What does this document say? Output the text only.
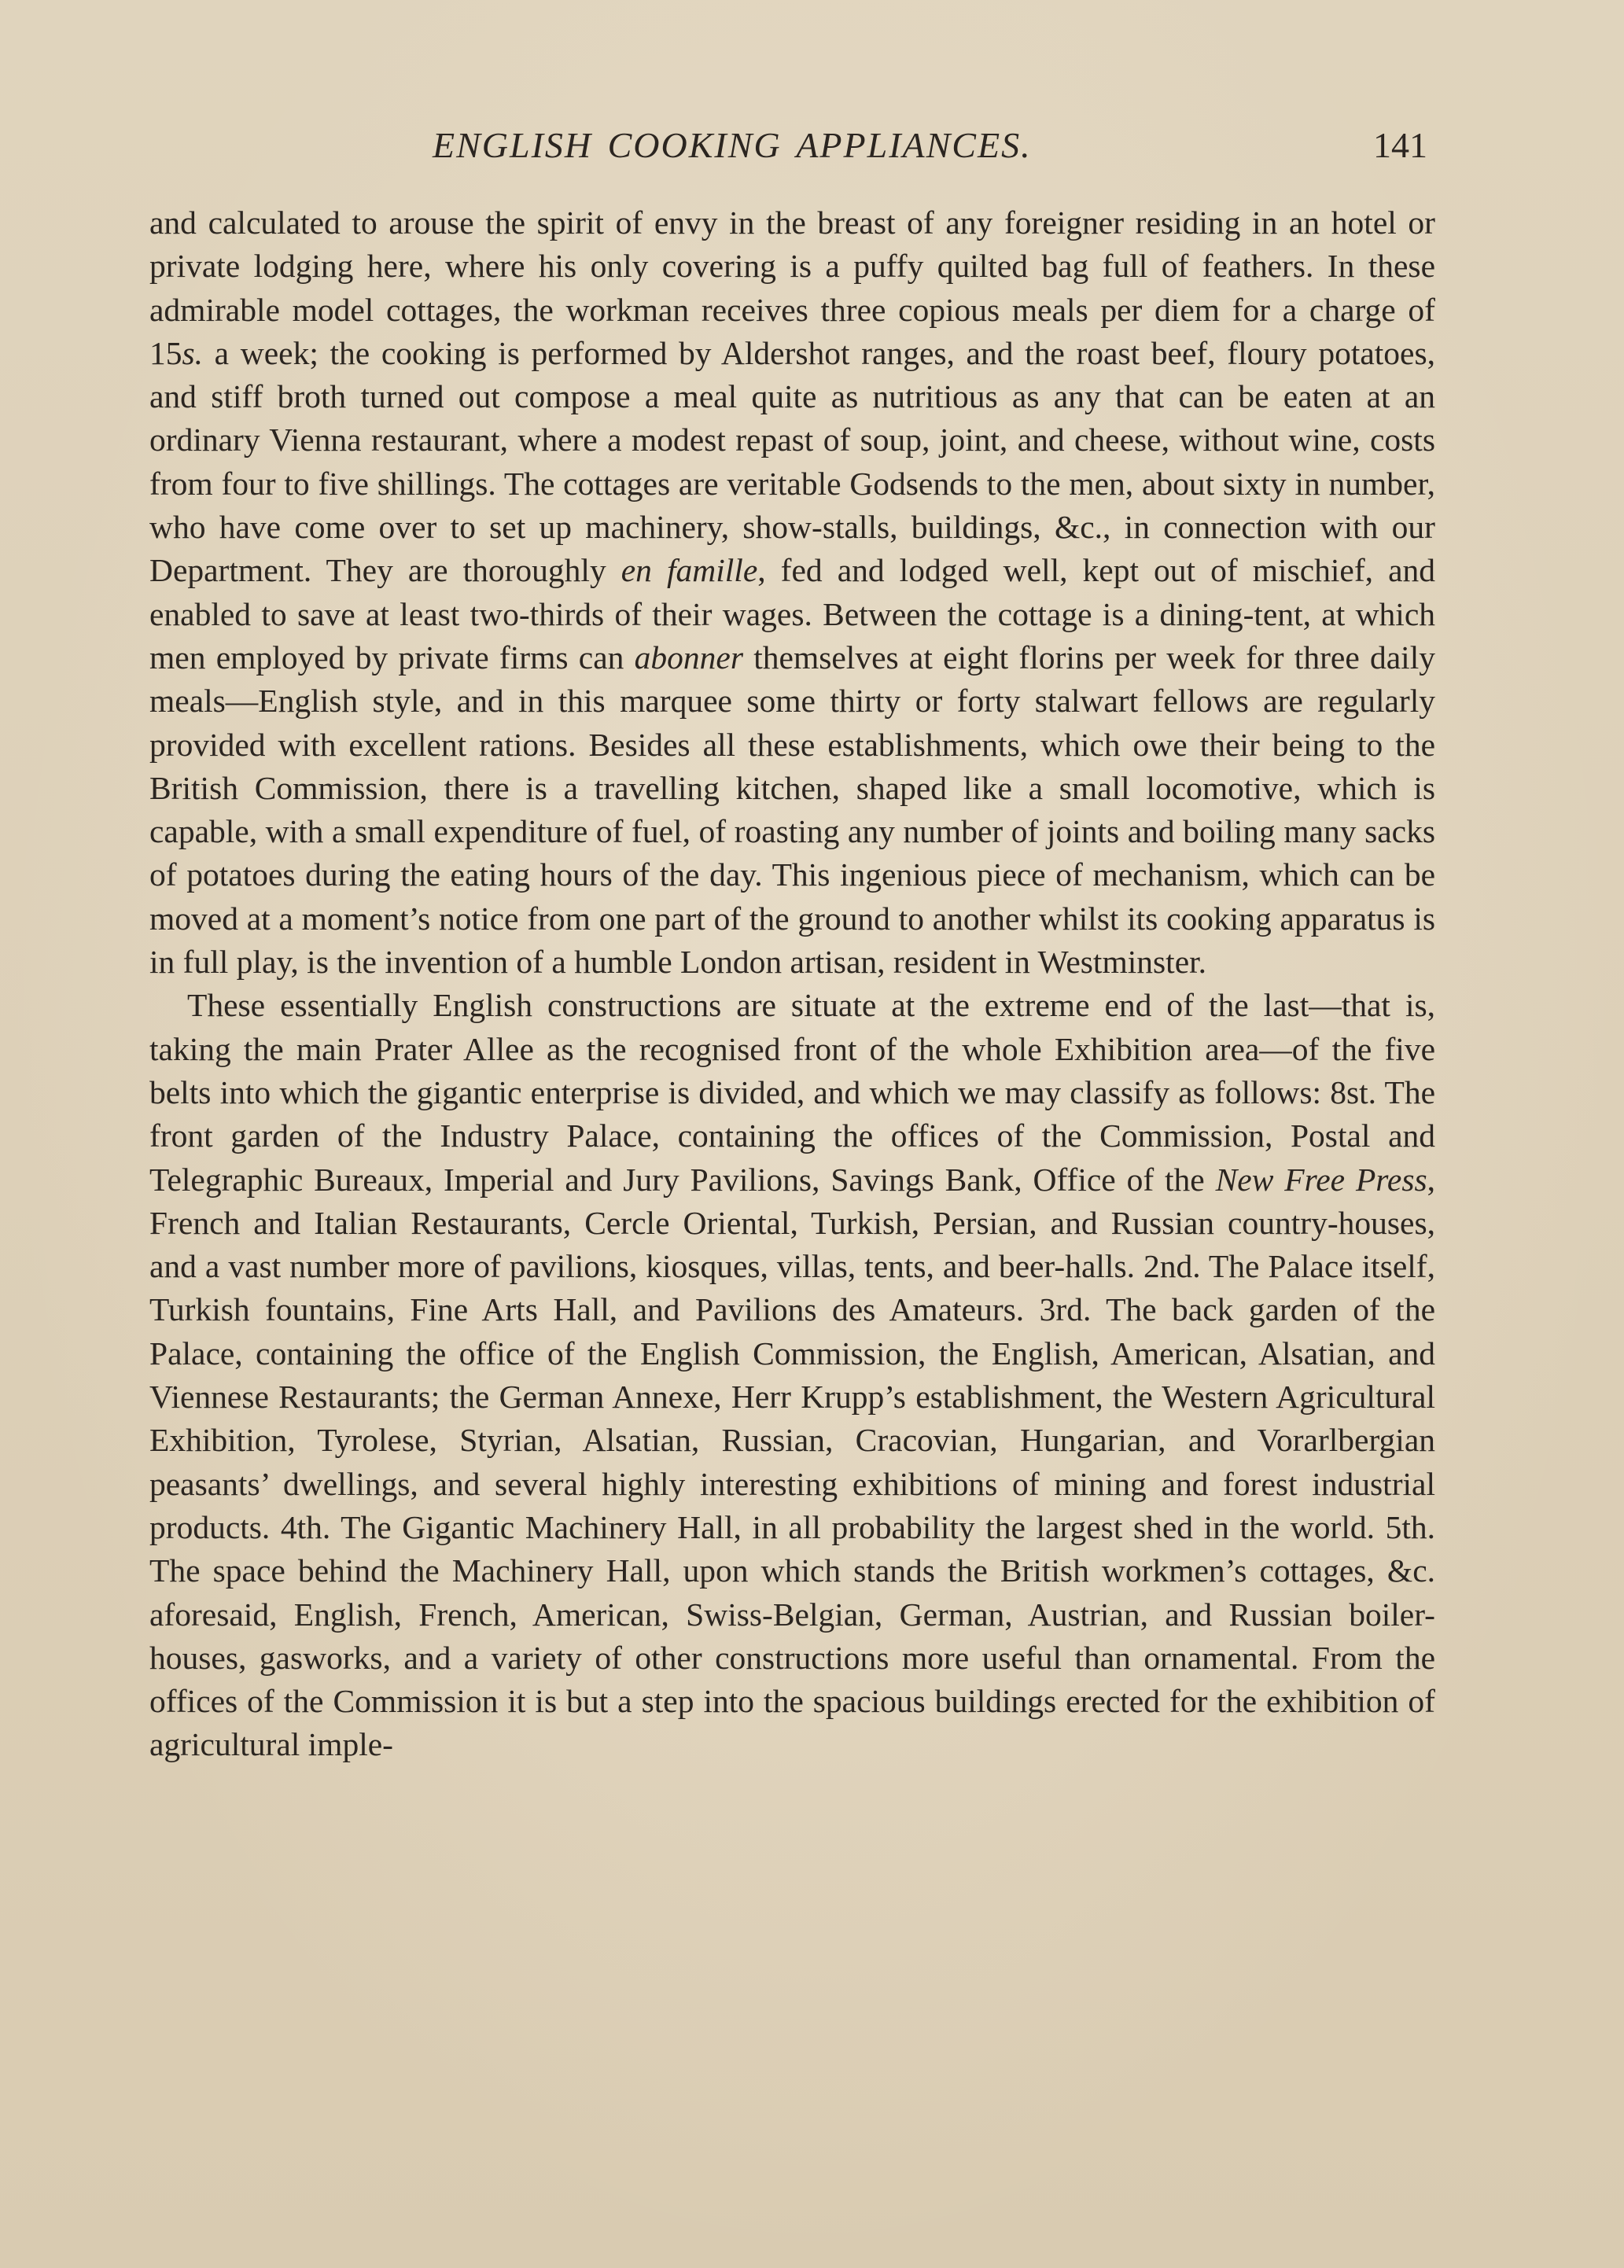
ENGLISH COOKING APPLIANCES.	141

and calculated to arouse the spirit of envy in the breast of any foreigner residing in an hotel or private lodging here, where his only covering is a puffy quilted bag full of feathers. In these admirable model cottages, the workman receives three copious meals per diem for a charge of 15s. a week; the cooking is performed by Aldershot ranges, and the roast beef, floury potatoes, and stiff broth turned out compose a meal quite as nutritious as any that can be eaten at an ordinary Vienna restaurant, where a modest repast of soup, joint, and cheese, without wine, costs from four to five shillings. The cottages are veritable Godsends to the men, about sixty in number, who have come over to set up machinery, show-stalls, buildings, &c., in connection with our Department. They are thoroughly en famille, fed and lodged well, kept out of mischief, and enabled to save at least two-thirds of their wages. Between the cottage is a dining-tent, at which men employed by private firms can abonner themselves at eight florins per week for three daily meals—English style, and in this marquee some thirty or forty stalwart fellows are regularly provided with excellent rations. Besides all these establishments, which owe their being to the British Commission, there is a travelling kitchen, shaped like a small locomotive, which is capable, with a small expenditure of fuel, of roasting any number of joints and boiling many sacks of potatoes during the eating hours of the day. This ingenious piece of mechanism, which can be moved at a moment’s notice from one part of the ground to another whilst its cooking apparatus is in full play, is the invention of a humble London artisan, resident in Westminster.

These essentially English constructions are situate at the extreme end of the last—that is, taking the main Prater Allee as the recognised front of the whole Exhibition area—of the five belts into which the gigantic enterprise is divided, and which we may classify as follows: 8st. The front garden of the Industry Palace, containing the offices of the Commission, Postal and Telegraphic Bureaux, Imperial and Jury Pavilions, Savings Bank, Office of the New Free Press, French and Italian Restaurants, Cercle Oriental, Turkish, Persian, and Russian country-houses, and a vast number more of pavilions, kiosques, villas, tents, and beer-halls. 2nd. The Palace itself, Turkish fountains, Fine Arts Hall, and Pavilions des Amateurs. 3rd. The back garden of the Palace, containing the office of the English Commission, the English, American, Alsatian, and Viennese Restaurants; the German Annexe, Herr Krupp’s establishment, the Western Agricultural Exhibition, Tyrolese, Styrian, Alsatian, Russian, Cracovian, Hungarian, and Vorarlbergian peasants’ dwellings, and several highly interesting exhibitions of mining and forest industrial products. 4th. The Gigantic Machinery Hall, in all probability the largest shed in the world. 5th. The space behind the Machinery Hall, upon which stands the British workmen’s cottages, &c. aforesaid, English, French, American, Swiss-Belgian, German, Austrian, and Russian boiler-houses, gasworks, and a variety of other constructions more useful than ornamental. From the offices of the Commission it is but a step into the spacious buildings erected for the exhibition of agricultural imple-
